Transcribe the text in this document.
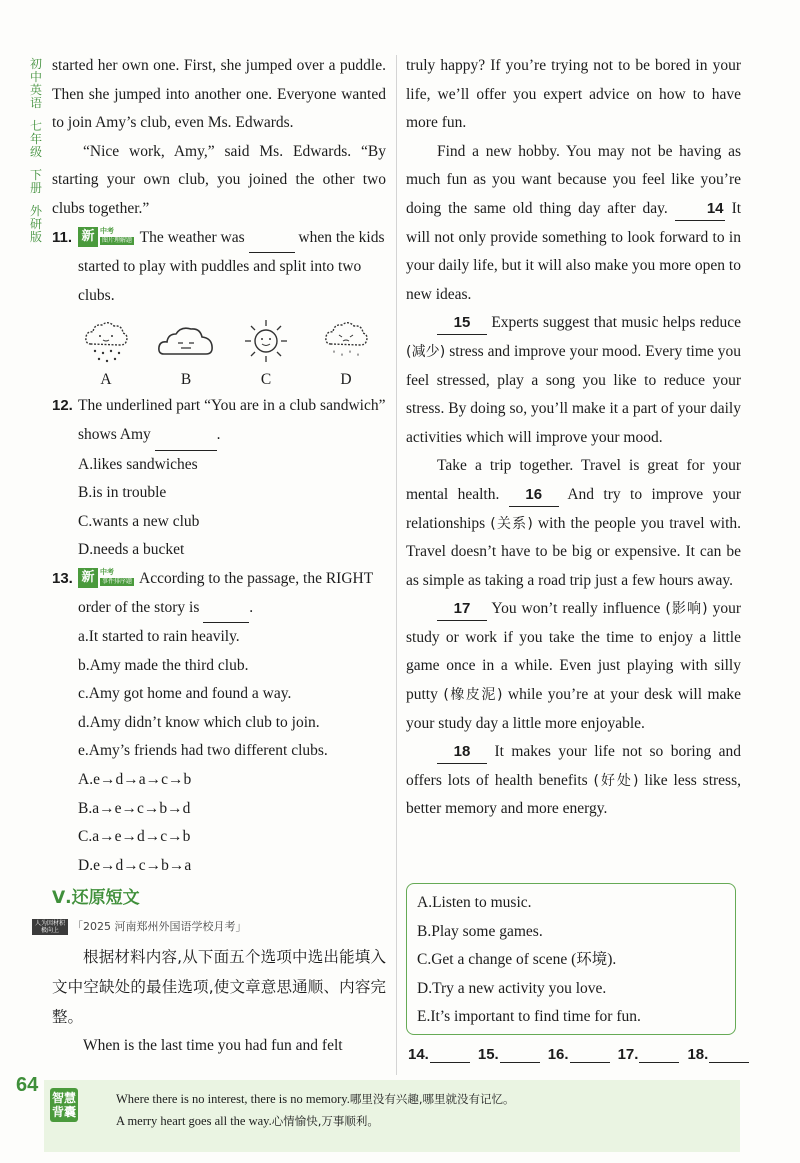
初中英语
七年级
下册
外研版

started her own one. First, she jumped over a puddle. Then she jumped into another one. Everyone wanted to join Amy’s club, even Ms. Edwards.

“Nice work, Amy,” said Ms. Edwards. “By starting your own club, you joined the other two clubs together.”

11. 新 中考
图片理解题 The weather was	when the kids started to play with puddles and split into two clubs.
A	B	C	D
12. The underlined part “You are in a club sandwich” shows Amy	.

A.likes sandwiches

B.is in trouble

C.wants a new club

D.needs a bucket

13. 新 中考
事件排序题 According to the passage, the RIGHT order of the story is	.

a.It started to rain heavily.

b.Amy made the third club.

c.Amy got home and found a way.

d.Amy didn’t know which club to join.

e.Amy’s friends had two different clubs.

A.e→d→a→c→b

B.a→e→c→b→d

C.a→e→d→c→b

D.e→d→c→b→a

Ⅴ.还原短文
人为因材积极向上	「2025 河南郑州外国语学校月考」

根据材料内容,从下面五个选项中选出能填入文中空缺处的最佳选项,使文章意思通顺、内容完整。

When is the last time you had fun and felt

truly happy? If you’re trying not to be bored in your life, we’ll offer you expert advice on how to have more fun.

Find a new hobby. You may not be having as much fun as you want because you feel like you’re doing the same old thing day after day.	14 It will not only provide something to look forward to in your daily life, but it will also make you more open to new ideas.

15 Experts suggest that music helps reduce (减少) stress and improve your mood. Every time you feel stressed, play a song you like to reduce your stress. By doing so, you’ll make it a part of your daily activities which will improve your mood.

Take a trip together. Travel is great for your mental health. 16 And try to improve your relationships (关系) with the people you travel with. Travel doesn’t have to be big or expensive. It can be as simple as taking a road trip just a few hours away.

17 You won’t really influence (影响) your study or work if you take the time to enjoy a little game once in a while. Even just playing with silly putty (橡皮泥) while you’re at your desk will make your study day a little more enjoyable.

18 It makes your life not so boring and offers lots of health benefits (好处) like less stress, better memory and more energy.

A.Listen to music.
B.Play some games.
C.Get a change of scene (环境).
D.Try a new activity you love.
E.It’s important to find time for fun.
14.	15.	16.	17.	18.
64
智慧
背囊
Where there is no interest, there is no memory.哪里没有兴趣,哪里就没有记忆。
A merry heart goes all the way.心情愉快,万事顺利。
